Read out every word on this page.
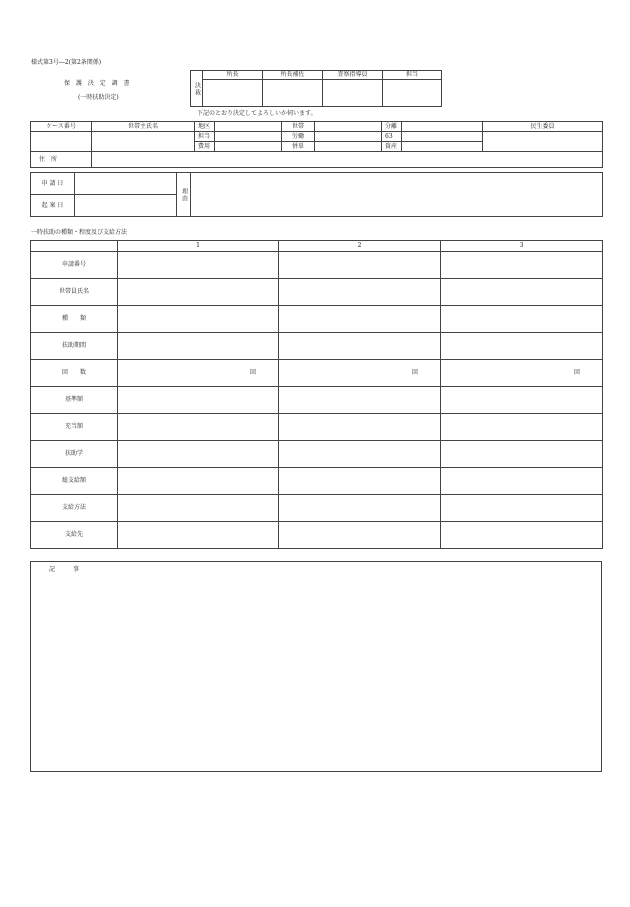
様式第3号―2(第2条関係)
保 護 決 定 調 書
(一時扶助決定)
決裁	所長	所長補佐	査察指導員	担当

下記のとおり決定してよろしいか伺います。
ケース番号	世帯主氏名	地区		世帯		分離		民生委員
		担当		労働		63		
		費用		併単		資産		
住　所								
申 請 日		理由	
起 案 日			
一時扶助の種類・程度及び支給方法
	1	2	3
申請番号			
世帯員氏名			
種　　類			
扶助期間			
回　　数	回	回	回
基準額			
充当額			
扶助学			
総支給額			
支給方法			
支給先			
記　　　事
